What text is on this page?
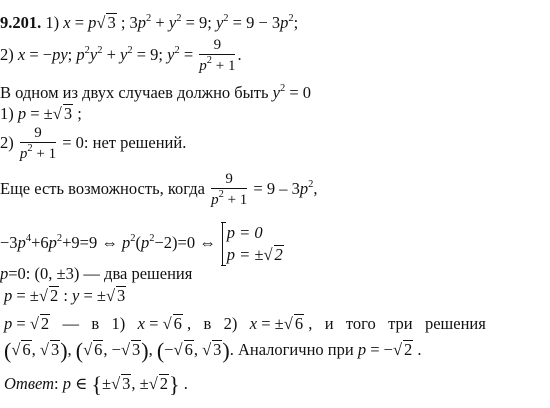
9.201. 1) x = p√ 3 ; $3p^2 + y^2 = 9$; $y^2 = 9 - 3p^2$;
2) x = −py; $p^2y^2 + y^2 = 9$; $y^2 = \frac{9}{p^2 + 1}$ .
В одном из двух случаев должно быть $y^2 = 0$
1) p = ±√ 3 ;
$2) \frac{9}{p^2 + 1} = 0$: нет решений.
Еще есть возможность, когда $\frac{9}{p^2 + 1} = 9 - 3p^2$,
$-3p^4+6p^2+9=9$ ⇔ $p^2(p^2-2)=0$ ⇔
p = 0
p = ±√ 2
p=0: (0, ±3) — два решения
p = ±√ 2 : y = ±√ 3
p = √ 2   —   в   1)   x = √ 6 ,   в   2)   x = ±√ 6 ,   и   того   три   решения
(√ 6, √ 3), (√ 6, −√ 3), (−√ 6, √ 3). Аналогично при p = −√ 2 .
Ответ: p ∈ {±√ 3, ±√ 2} .
